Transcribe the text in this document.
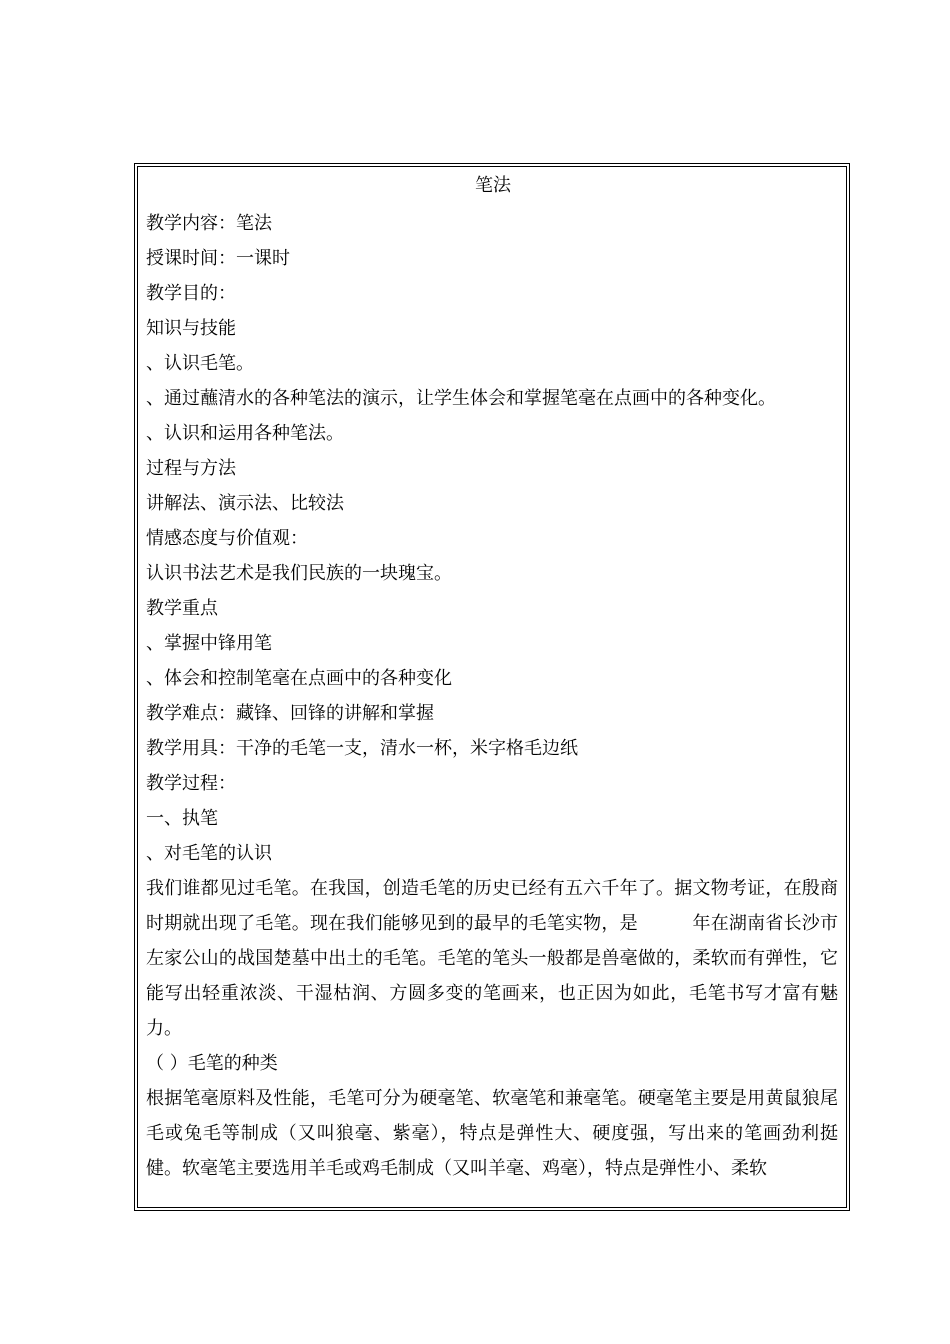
笔法
教学内容：笔法
授课时间：一课时
教学目的：
知识与技能
、认识毛笔。
、通过蘸清水的各种笔法的演示，让学生体会和掌握笔毫在点画中的各种变化。
、认识和运用各种笔法。
过程与方法
讲解法、演示法、比较法
情感态度与价值观：
认识书法艺术是我们民族的一块瑰宝。
教学重点
、掌握中锋用笔
、体会和控制笔毫在点画中的各种变化
教学难点：藏锋、回锋的讲解和掌握
教学用具：干净的毛笔一支，清水一杯，米字格毛边纸
教学过程：
一、执笔
、对毛笔的认识
我们谁都见过毛笔。在我国，创造毛笔的历史已经有五六千年了。据文物考证，在殷商时期就出现了毛笔。现在我们能够见到的最早的毛笔实物，是　　　年在湖南省长沙市左家公山的战国楚墓中出土的毛笔。毛笔的笔头一般都是兽毫做的，柔软而有弹性，它能写出轻重浓淡、干湿枯润、方圆多变的笔画来，也正因为如此，毛笔书写才富有魅力。
（ ）毛笔的种类
根据笔毫原料及性能，毛笔可分为硬毫笔、软毫笔和兼毫笔。硬毫笔主要是用黄鼠狼尾毛或兔毛等制成（又叫狼毫、紫毫），特点是弹性大、硬度强，写出来的笔画劲利挺健。软毫笔主要选用羊毛或鸡毛制成（又叫羊毫、鸡毫），特点是弹性小、柔软
